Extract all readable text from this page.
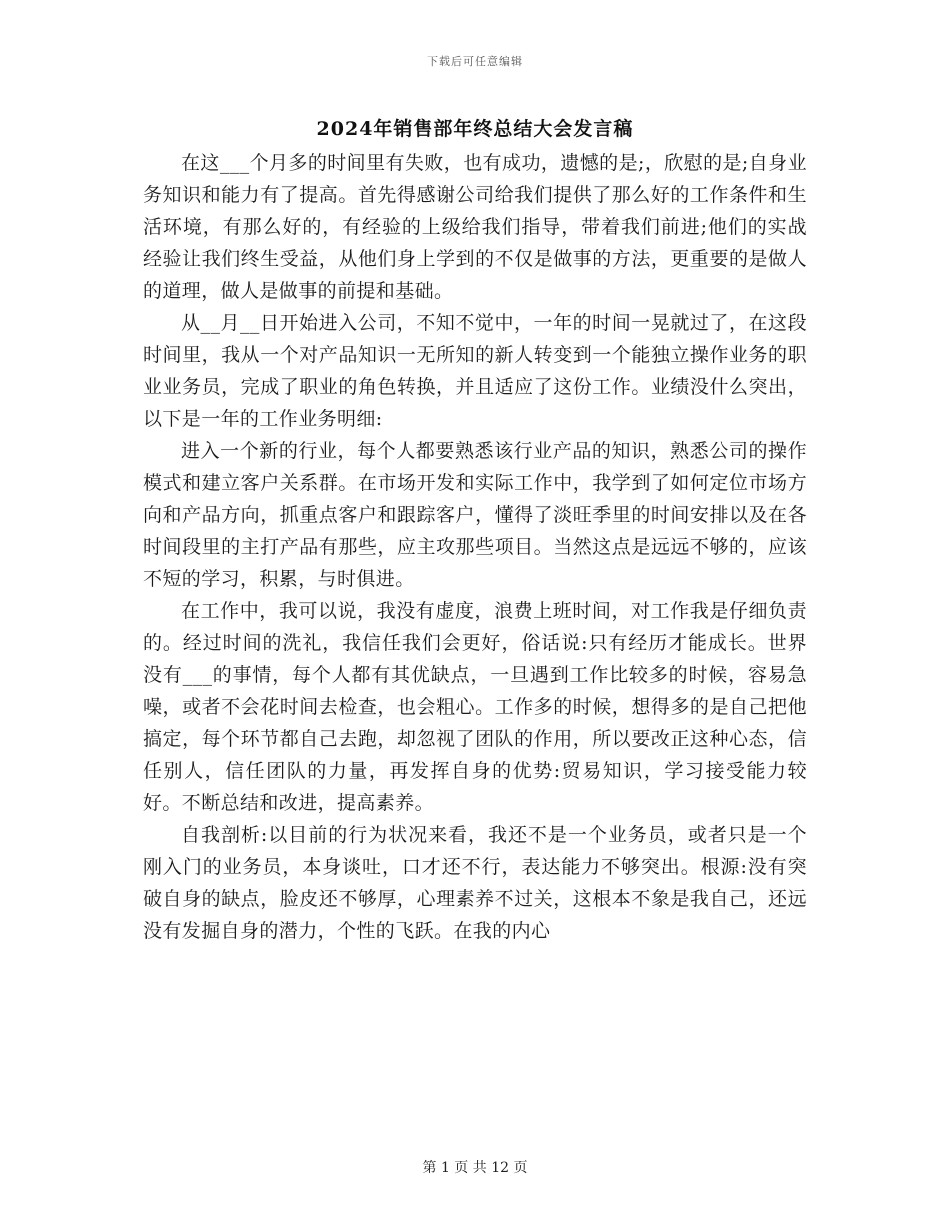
下载后可任意编辑
2024年销售部年终总结大会发言稿

在这___个月多的时间里有失败，也有成功，遗憾的是;，欣慰的是;自身业务知识和能力有了提高。首先得感谢公司给我们提供了那么好的工作条件和生活环境，有那么好的，有经验的上级给我们指导，带着我们前进;他们的实战经验让我们终生受益，从他们身上学到的不仅是做事的方法，更重要的是做人的道理，做人是做事的前提和基础。

从__月__日开始进入公司，不知不觉中，一年的时间一晃就过了，在这段时间里，我从一个对产品知识一无所知的新人转变到一个能独立操作业务的职业业务员，完成了职业的角色转换，并且适应了这份工作。业绩没什么突出，以下是一年的工作业务明细:

进入一个新的行业，每个人都要熟悉该行业产品的知识，熟悉公司的操作模式和建立客户关系群。在市场开发和实际工作中，我学到了如何定位市场方向和产品方向，抓重点客户和跟踪客户，懂得了淡旺季里的时间安排以及在各时间段里的主打产品有那些，应主攻那些项目。当然这点是远远不够的，应该不短的学习，积累，与时俱进。

在工作中，我可以说，我没有虚度，浪费上班时间，对工作我是仔细负责的。经过时间的洗礼，我信任我们会更好，俗话说:只有经历才能成长。世界没有___的事情，每个人都有其优缺点，一旦遇到工作比较多的时候，容易急噪，或者不会花时间去检查，也会粗心。工作多的时候，想得多的是自己把他搞定，每个环节都自己去跑，却忽视了团队的作用，所以要改正这种心态，信任别人，信任团队的力量，再发挥自身的优势:贸易知识，学习接受能力较好。不断总结和改进，提高素养。

自我剖析:以目前的行为状况来看，我还不是一个业务员，或者只是一个刚入门的业务员，本身谈吐，口才还不行，表达能力不够突出。根源:没有突破自身的缺点，脸皮还不够厚，心理素养不过关，这根本不象是我自己，还远没有发掘自身的潜力，个性的飞跃。在我的内心

第 1 页 共 12 页
